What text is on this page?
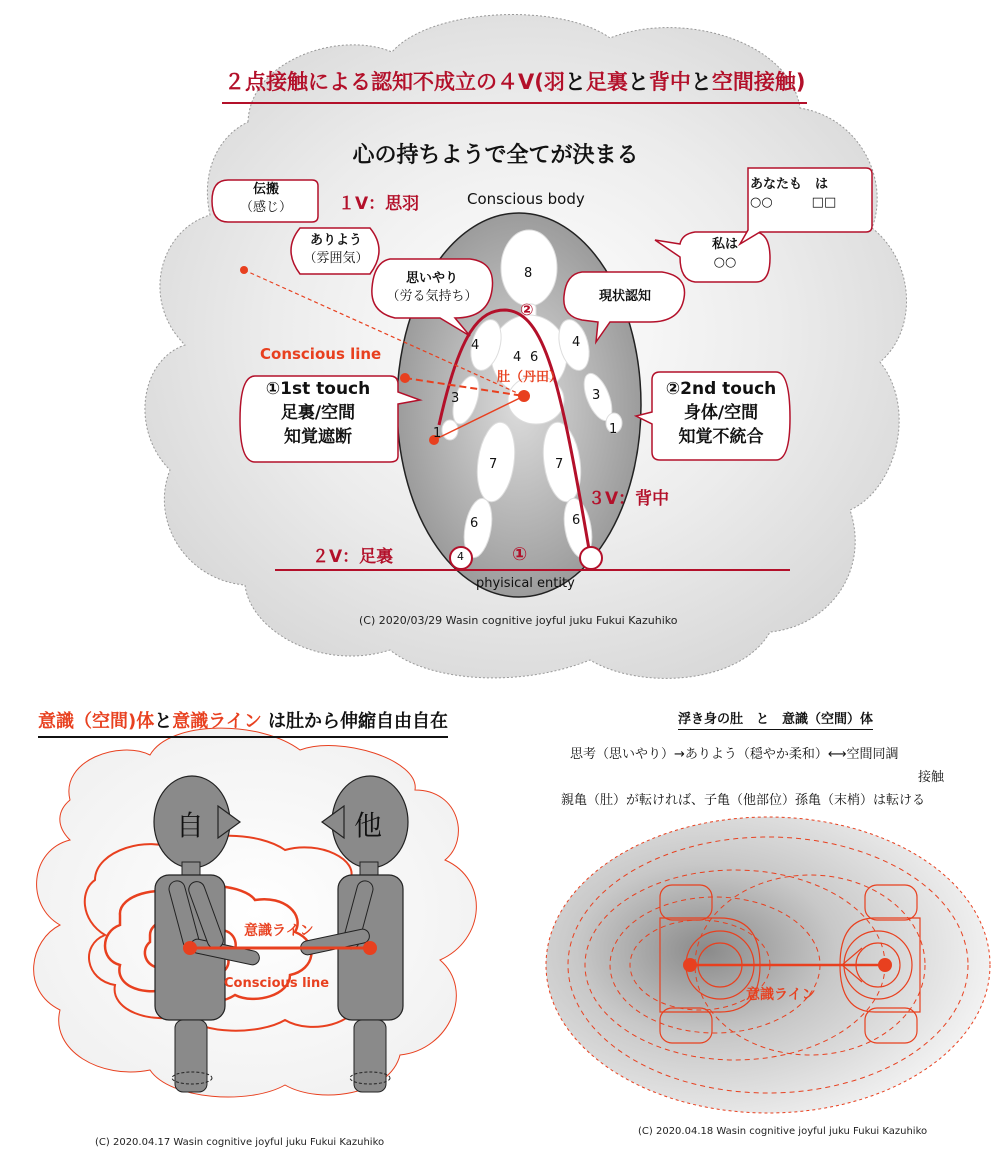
２点接触による認知不成立の４V(羽と足裏と背中と空間接触)
心の持ちようで全てが決まる
１V：思羽	Conscious body
伝搬
（感じ）
ありよう
（雰囲気）
思いやり
（労る気持ち）	現状認知
私は
○○
あなたも　は
○○　　　□□
Conscious line
肚（丹田）
①1st touch
足裏/空間
知覚遮断
②2nd touch
身体/空間
知覚不統合
３V：背中
２V：足裏
②
①
phyisical entity
8
4	4
4 6
3	3
1	1
7	7
6	6
4
(C) 2020/03/29 Wasin cognitive joyful juku Fukui Kazuhiko
意識（空間)体と意識ライン は肚から伸縮自由自在
自	他
意識ライン
Conscious line
(C) 2020.04.17 Wasin cognitive joyful juku Fukui Kazuhiko
浮き身の肚　と　意識（空間）体
思考（思いやり）→ありよう（穏やか柔和）⟷空間同調
接触
親亀（肚）が転ければ、子亀（他部位）孫亀（末梢）は転ける
意識ライン
(C) 2020.04.18 Wasin cognitive joyful juku Fukui Kazuhiko
